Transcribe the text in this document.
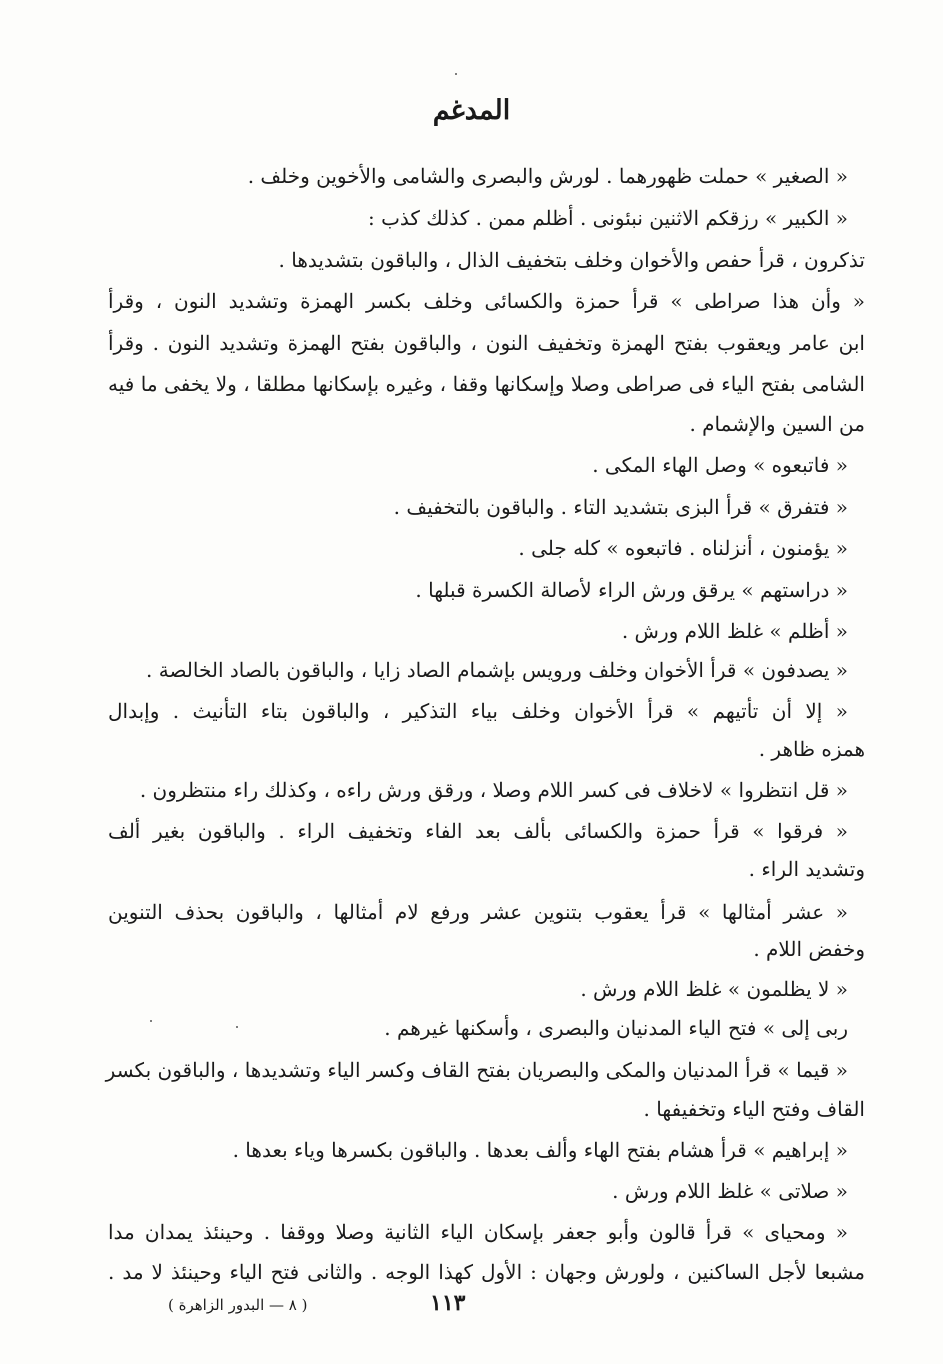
المدغم
« الصغير » حملت ظهورهما . لورش والبصرى والشامى والأخوين وخلف .
« الكبير » رزقكم الاثنين نبئونى . أظلم ممن . كذلك كذب :
تذكرون ، قرأ حفص والأخوان وخلف بتخفيف الذال ، والباقون بتشديدها .
« وأن هذا صراطى » قرأ حمزة والكسائى وخلف بكسر الهمزة وتشديد النون ، وقرأ
ابن عامر ويعقوب بفتح الهمزة وتخفيف النون ، والباقون بفتح الهمزة وتشديد النون . وقرأ
الشامى بفتح الياء فى صراطى وصلا وإسكانها وقفا ، وغيره بإسكانها مطلقا ، ولا يخفى ما فيه
من السين والإشمام .
« فاتبعوه » وصل الهاء المكى .
« فتفرق » قرأ البزى بتشديد التاء . والباقون بالتخفيف .
« يؤمنون ، أنزلناه . فاتبعوه » كله جلى .
« دراستهم » يرقق ورش الراء لأصالة الكسرة قبلها .
« أظلم » غلظ اللام ورش .
« يصدفون » قرأ الأخوان وخلف ورويس بإشمام الصاد زايا ، والباقون بالصاد الخالصة .
« إلا أن تأتيهم » قرأ الأخوان وخلف بياء التذكير ، والباقون بتاء التأنيث . وإبدال
همزه ظاهر .
« قل انتظروا » لاخلاف فى كسر اللام وصلا ، ورقق ورش راءه ، وكذلك راء منتظرون .
« فرقوا » قرأ حمزة والكسائى بألف بعد الفاء وتخفيف الراء . والباقون بغير ألف
وتشديد الراء .
« عشر أمثالها » قرأ يعقوب بتنوين عشر ورفع لام أمثالها ، والباقون بحذف التنوين
وخفض اللام .
« لا يظلمون » غلظ اللام ورش .
ربى إلى » فتح الياء المدنيان والبصرى ، وأسكنها غيرهم .
« قيما » قرأ المدنيان والمكى والبصريان بفتح القاف وكسر الياء وتشديدها ، والباقون بكسر
القاف وفتح الياء وتخفيفها .
« إبراهيم » قرأ هشام بفتح الهاء وألف بعدها . والباقون بكسرها وياء بعدها .
« صلاتى » غلظ اللام ورش .
« ومحياى » قرأ قالون وأبو جعفر بإسكان الياء الثانية وصلا ووقفا . وحينئذ يمدان مدا
مشبعا لأجل الساكنين ، ولورش وجهان : الأول كهذا الوجه . والثانى فتح الياء وحينئذ لا مد .
١١٣
( ٨ — البدور الزاهرة )
